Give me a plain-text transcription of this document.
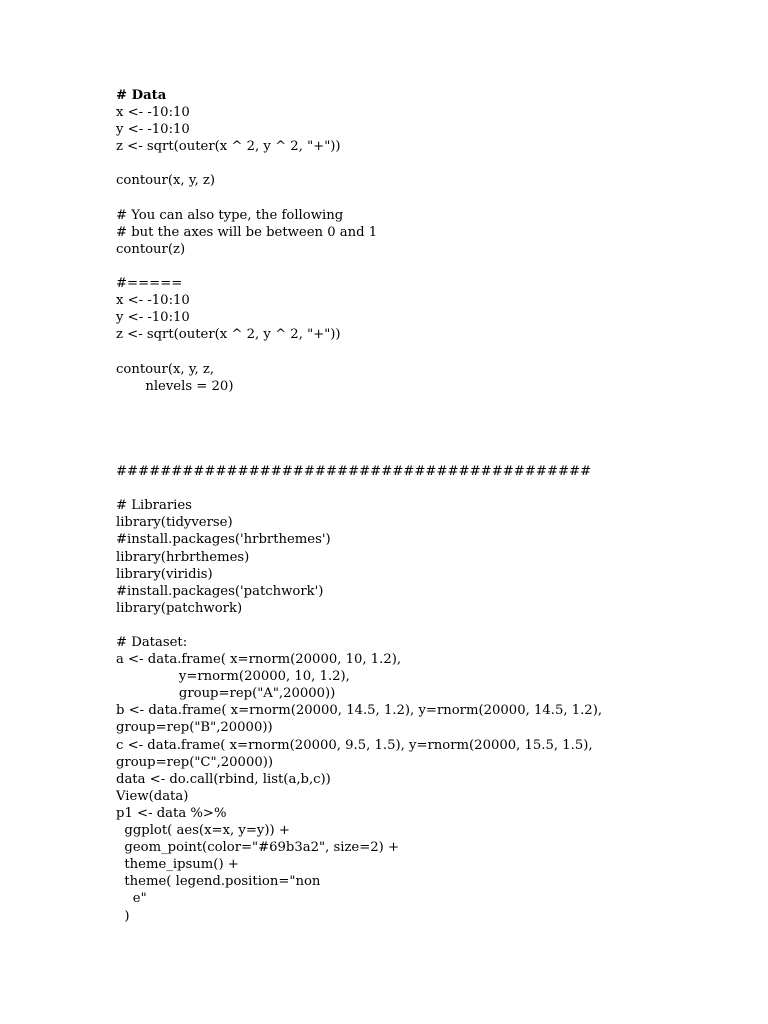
# Data
x <- -10:10
y <- -10:10
z <- sqrt(outer(x ^ 2, y ^ 2, "+"))
contour(x, y, z)
# You can also type, the following
# but the axes will be between 0 and 1
contour(z)
#=====
x <- -10:10
y <- -10:10
z <- sqrt(outer(x ^ 2, y ^ 2, "+"))
contour(x, y, z,
nlevels = 20)
###########################################
# Libraries
library(tidyverse)
#install.packages('hrbrthemes')
library(hrbrthemes)
library(viridis)
#install.packages('patchwork')
library(patchwork)
# Dataset:
a <- data.frame( x=rnorm(20000, 10, 1.2),
y=rnorm(20000, 10, 1.2),
group=rep("A",20000))
b <- data.frame( x=rnorm(20000, 14.5, 1.2), y=rnorm(20000, 14.5, 1.2),
group=rep("B",20000))
c <- data.frame( x=rnorm(20000, 9.5, 1.5), y=rnorm(20000, 15.5, 1.5),
group=rep("C",20000))
data <- do.call(rbind, list(a,b,c))
View(data)
p1 <- data %>%
ggplot( aes(x=x, y=y)) +
geom_point(color="#69b3a2", size=2) +
theme_ipsum() +
theme( legend.position="non
e"
)
